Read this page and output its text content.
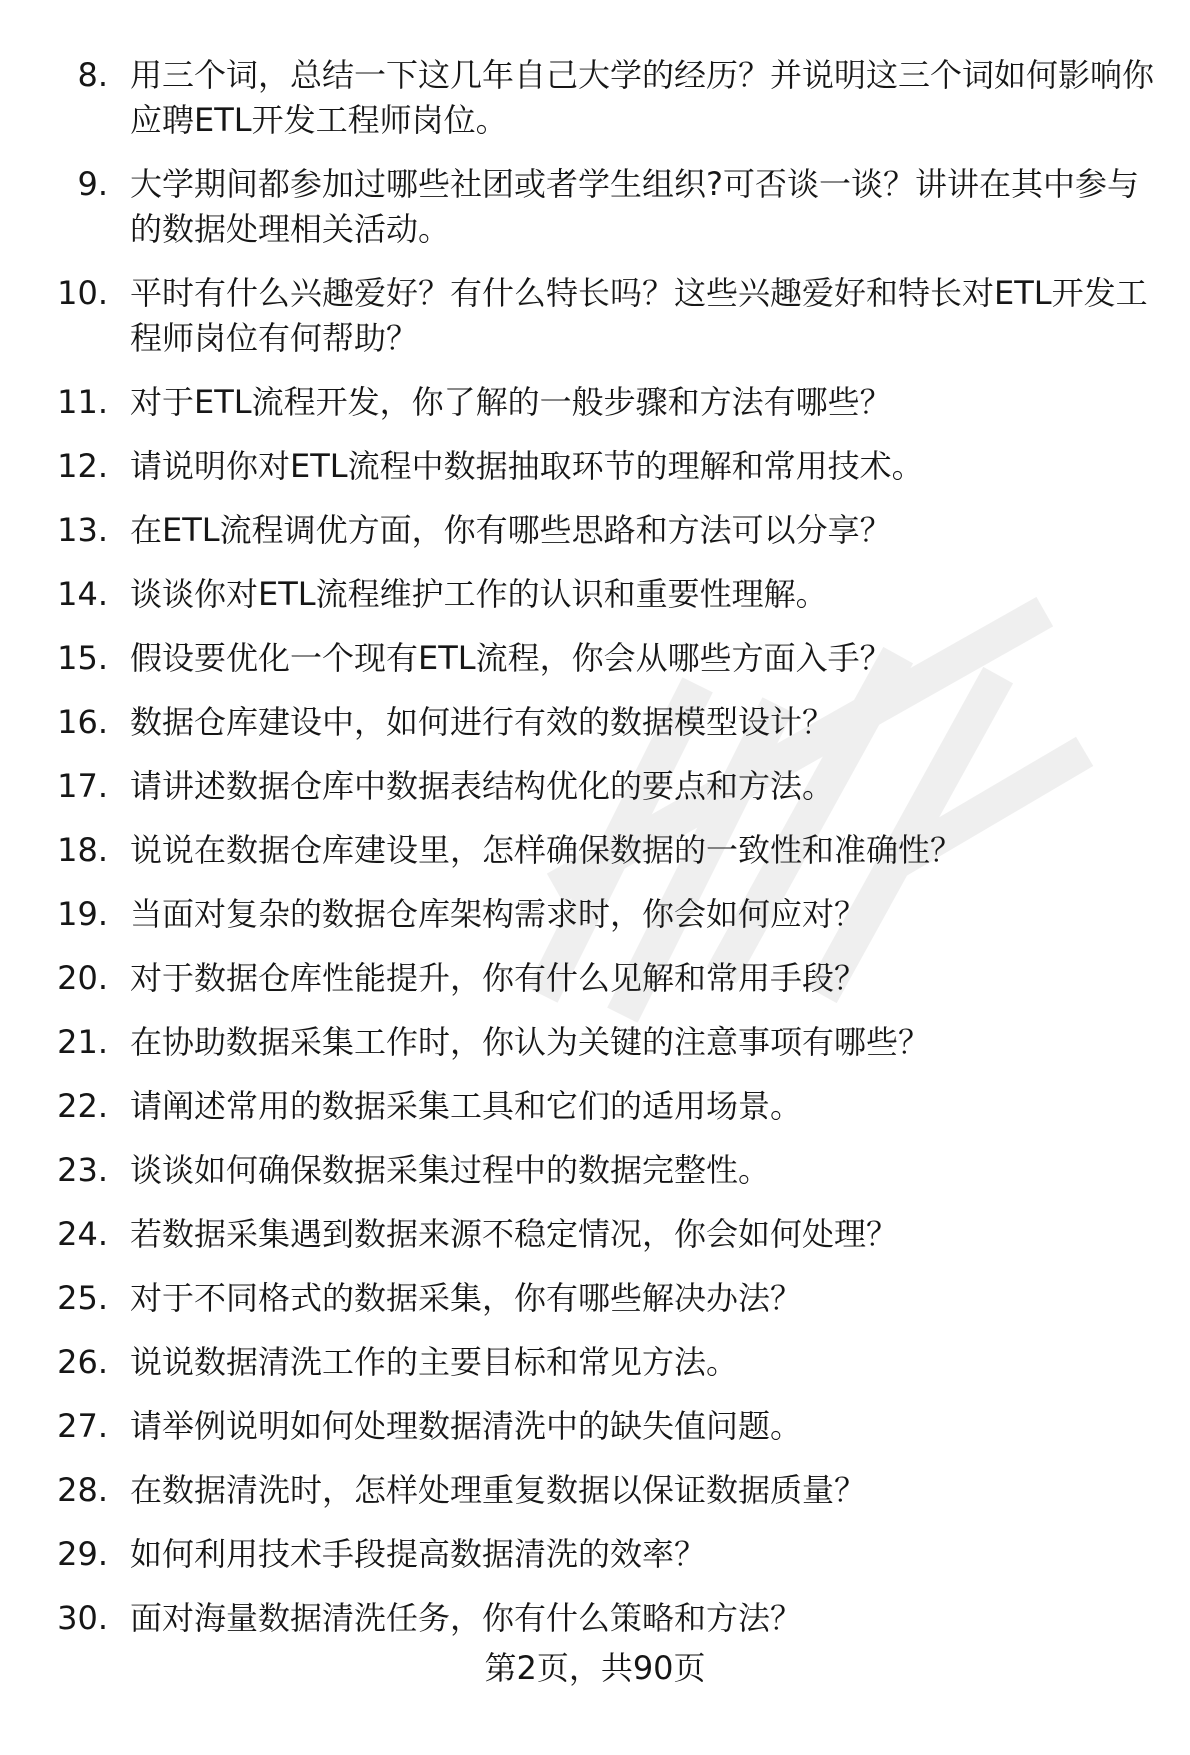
8. 用三个词，总结一下这几年自己大学的经历？并说明这三个词如何影响你应聘ETL开发工程师岗位。
9. 大学期间都参加过哪些社团或者学生组织?可否谈一谈？讲讲在其中参与的数据处理相关活动。
10. 平时有什么兴趣爱好？有什么特长吗？这些兴趣爱好和特长对ETL开发工程师岗位有何帮助？
11. 对于ETL流程开发，你了解的一般步骤和方法有哪些？
12. 请说明你对ETL流程中数据抽取环节的理解和常用技术。
13. 在ETL流程调优方面，你有哪些思路和方法可以分享？
14. 谈谈你对ETL流程维护工作的认识和重要性理解。
15. 假设要优化一个现有ETL流程，你会从哪些方面入手？
16. 数据仓库建设中，如何进行有效的数据模型设计？
17. 请讲述数据仓库中数据表结构优化的要点和方法。
18. 说说在数据仓库建设里，怎样确保数据的一致性和准确性？
19. 当面对复杂的数据仓库架构需求时，你会如何应对？
20. 对于数据仓库性能提升，你有什么见解和常用手段？
21. 在协助数据采集工作时，你认为关键的注意事项有哪些？
22. 请阐述常用的数据采集工具和它们的适用场景。
23. 谈谈如何确保数据采集过程中的数据完整性。
24. 若数据采集遇到数据来源不稳定情况，你会如何处理？
25. 对于不同格式的数据采集，你有哪些解决办法？
26. 说说数据清洗工作的主要目标和常见方法。
27. 请举例说明如何处理数据清洗中的缺失值问题。
28. 在数据清洗时，怎样处理重复数据以保证数据质量？
29. 如何利用技术手段提高数据清洗的效率？
30. 面对海量数据清洗任务，你有什么策略和方法？
第2页，共90页
